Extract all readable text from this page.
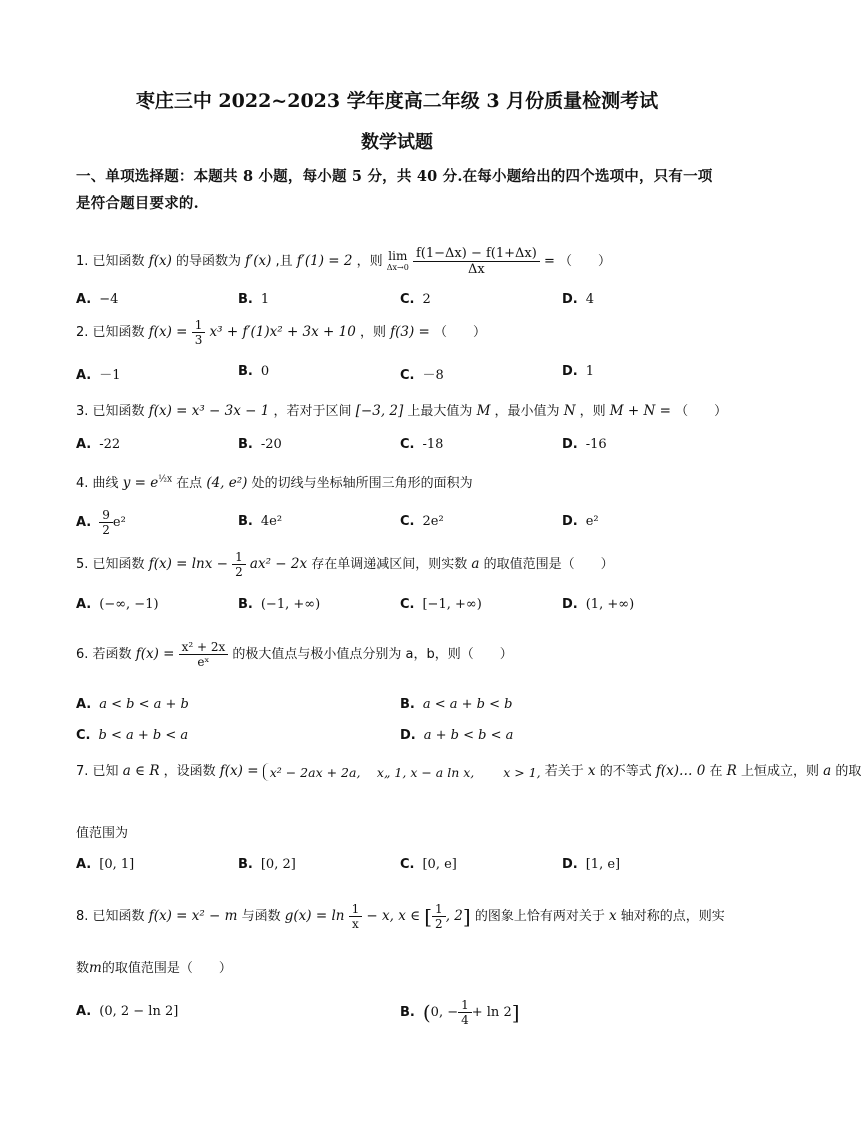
枣庄三中 2022~2023 学年度高二年级 3 月份质量检测考试
数学试题
一、单项选择题：本题共 8 小题，每小题 5 分，共 40 分.在每小题给出的四个选项中，只有一项是符合题目要求的.
1. 已知函数 f(x) 的导函数为 f′(x) ,且 f′(1) = 2 ，则 lim
Δx→0
$\frac{f(1-\Delta x) - f(1+\Delta x)}{\Delta x}$ = （　　）
A. −4	B. 1	C. 2	D. 4
2. 已知函数 $f(x) = \frac{1}{3} x^3 + f'(1)x^2 + 3x + 10$ ，则 f(3) = （　　）
A. －1	B. 0	C. －8	D. 1
3. 已知函数 f(x) = x³ − 3x − 1 ，若对于区间 [−3, 2] 上最大值为 M ，最小值为 N ，则 M + N = （　　）
A. -22	B. -20	C. -18	D. -16
4. 曲线 $y = e^{\frac{1}{2}x}$ 在点 (4, e²) 处的切线与坐标轴所围三角形的面积为
A. $\frac{9}{2} e^2$	B. 4e²	C. 2e²	D. e²
5. 已知函数 $f(x) = \ln x - \frac{1}{2} ax^2 - 2x$ 存在单调递减区间，则实数 a 的取值范围是（　　）
A. (−∞, −1)	B. (−1, +∞)	C. [−1, +∞)	D. (1, +∞)
6. 若函数 $f(x) = \frac{\text{x² + 2x}}{\text{eˣ}}$ 的极大值点与极小值点分别为 a，b，则（　　）
A. a < b < a + b	B. a < a + b < b
C. b < a + b < a	D. a + b < b < a
7. 已知 a ∈ R ，设函数 f(x) = x² − 2ax + 2a,　 x„ 1, x − a ln x,　　 x > 1, 若关于 x 的不等式 f(x)… 0 在 R 上恒成立，则 a 的取
值范围为
A. [0, 1]	B. [0, 2]	C. [0, e]	D. [1, e]
8. 已知函数 f(x) = x² − m 与函数 $g(x) = \ln \frac{1}{x} - x$, x ∈ [ $\frac{1}{2}$ , 2] 的图象上恰有两对关于 x 轴对称的点，则实
数m的取值范围是（　　）
A. (0, 2 − ln 2]	B. (0, − $\frac{1}{4} + \ln 2$]
